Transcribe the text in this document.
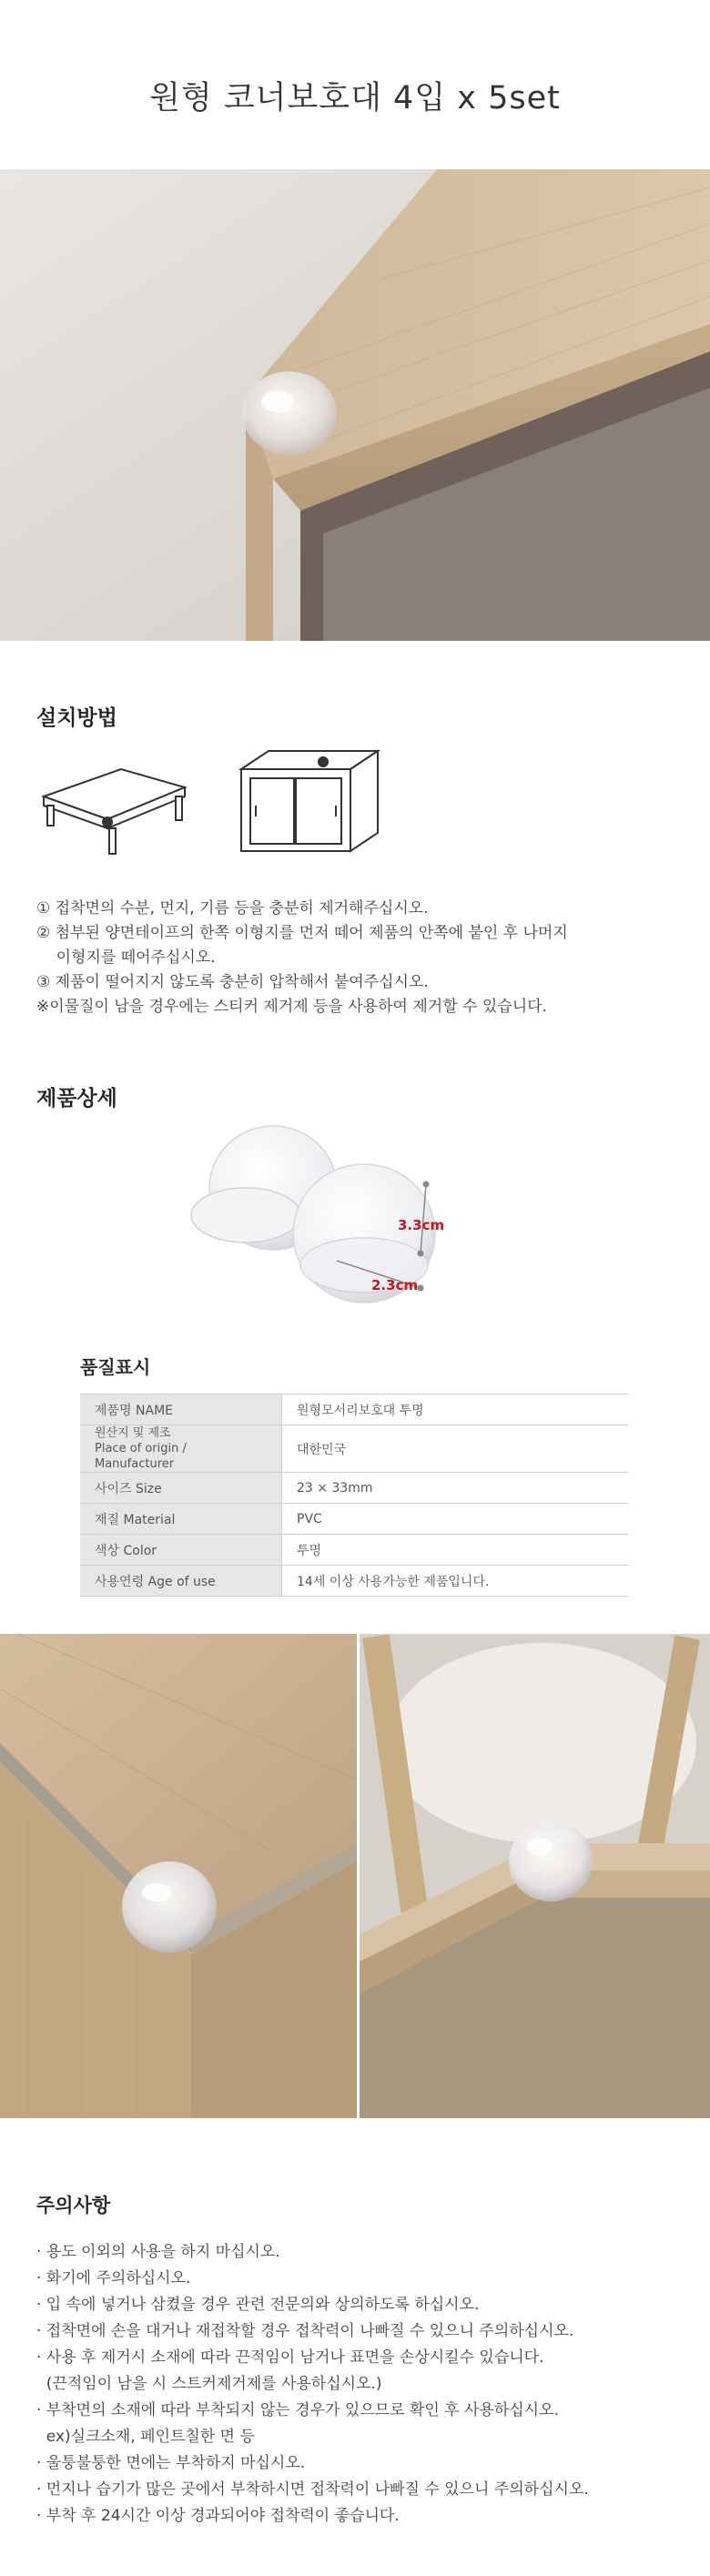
원형 코너보호대 4입 x 5set
설치방법
① 접착면의 수분, 먼지, 기름 등을 충분히 제거해주십시오.
② 첨부된 양면테이프의 한쪽 이형지를 먼저 떼어 제품의 안쪽에 붙인 후 나머지
이형지를 떼어주십시오.
③ 제품이 떨어지지 않도록 충분히 압착해서 붙여주십시오.
※이물질이 남을 경우에는 스티커 제거제 등을 사용하여 제거할 수 있습니다.
제품상세
3.3cm
2.3cm
품질표시
제품명 NAME	원형모서리보호대 투명

원산지 및 제조
Place of origin / Manufacturer	대한민국
사이즈 Size	23 × 33mm
재질 Material	PVC
색상 Color	투명
사용연령 Age of use	14세 이상 사용가능한 제품입니다.
주의사항
· 용도 이외의 사용을 하지 마십시오.
· 화기에 주의하십시오.
· 입 속에 넣거나 삼켰을 경우 관련 전문의와 상의하도록 하십시오.
· 접착면에 손을 대거나 재접착할 경우 접착력이 나빠질 수 있으니 주의하십시오.
· 사용 후 제거시 소재에 따라 끈적임이 남거나 표면을 손상시킬수 있습니다.
(끈적임이 남을 시 스트커제거제를 사용하십시오.)
· 부착면의 소재에 따라 부착되지 않는 경우가 있으므로 확인 후 사용하십시오.
ex)실크소재, 페인트칠한 면 등
· 울퉁불퉁한 면에는 부착하지 마십시오.
· 먼지나 습기가 많은 곳에서 부착하시면 접착력이 나빠질 수 있으니 주의하십시오.
· 부착 후 24시간 이상 경과되어야 접착력이 좋습니다.
